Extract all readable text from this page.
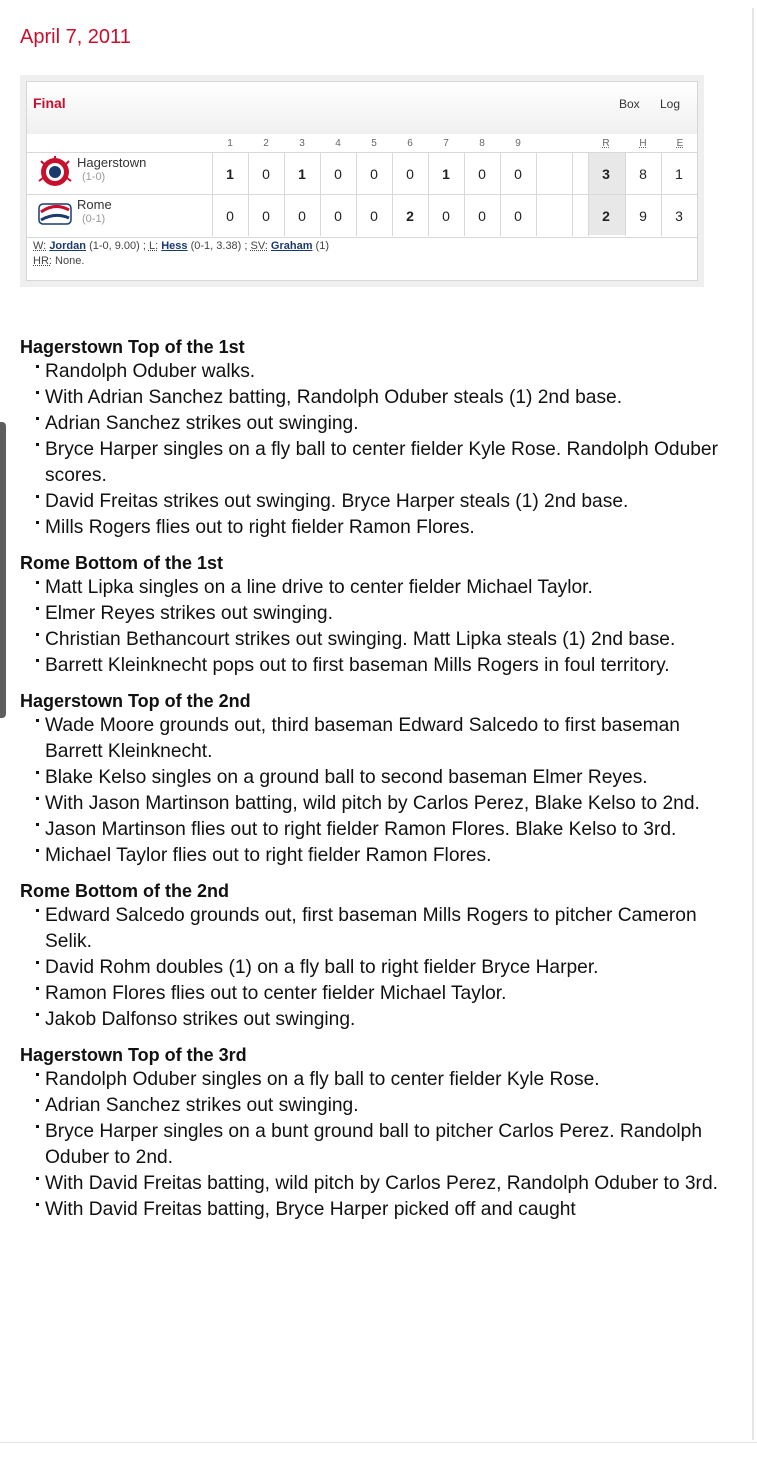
April 7, 2011
Final	Box Log
1	2	3	4	5	6	7	8	9	R	H	E
Hagerstown
(1-0)	1	0	1	0	0	0	1	0	0	3	8	1
Rome
(0-1)	0	0	0	0	0	2	0	0	0	2	9	3
W: Jordan (1-0, 9.00) ; L: Hess (0-1, 3.38) ; SV: Graham (1)
HR: None.
Hagerstown Top of the 1st
Randolph Oduber walks.
With Adrian Sanchez batting, Randolph Oduber steals (1) 2nd base.
Adrian Sanchez strikes out swinging.
Bryce Harper singles on a fly ball to center fielder Kyle Rose. Randolph Oduber scores.
David Freitas strikes out swinging. Bryce Harper steals (1) 2nd base.
Mills Rogers flies out to right fielder Ramon Flores.
Rome Bottom of the 1st
Matt Lipka singles on a line drive to center fielder Michael Taylor.
Elmer Reyes strikes out swinging.
Christian Bethancourt strikes out swinging. Matt Lipka steals (1) 2nd base.
Barrett Kleinknecht pops out to first baseman Mills Rogers in foul territory.
Hagerstown Top of the 2nd
Wade Moore grounds out, third baseman Edward Salcedo to first baseman Barrett Kleinknecht.
Blake Kelso singles on a ground ball to second baseman Elmer Reyes.
With Jason Martinson batting, wild pitch by Carlos Perez, Blake Kelso to 2nd.
Jason Martinson flies out to right fielder Ramon Flores. Blake Kelso to 3rd.
Michael Taylor flies out to right fielder Ramon Flores.
Rome Bottom of the 2nd
Edward Salcedo grounds out, first baseman Mills Rogers to pitcher Cameron Selik.
David Rohm doubles (1) on a fly ball to right fielder Bryce Harper.
Ramon Flores flies out to center fielder Michael Taylor.
Jakob Dalfonso strikes out swinging.
Hagerstown Top of the 3rd
Randolph Oduber singles on a fly ball to center fielder Kyle Rose.
Adrian Sanchez strikes out swinging.
Bryce Harper singles on a bunt ground ball to pitcher Carlos Perez. Randolph Oduber to 2nd.
With David Freitas batting, wild pitch by Carlos Perez, Randolph Oduber to 3rd.
With David Freitas batting, Bryce Harper picked off and caught
